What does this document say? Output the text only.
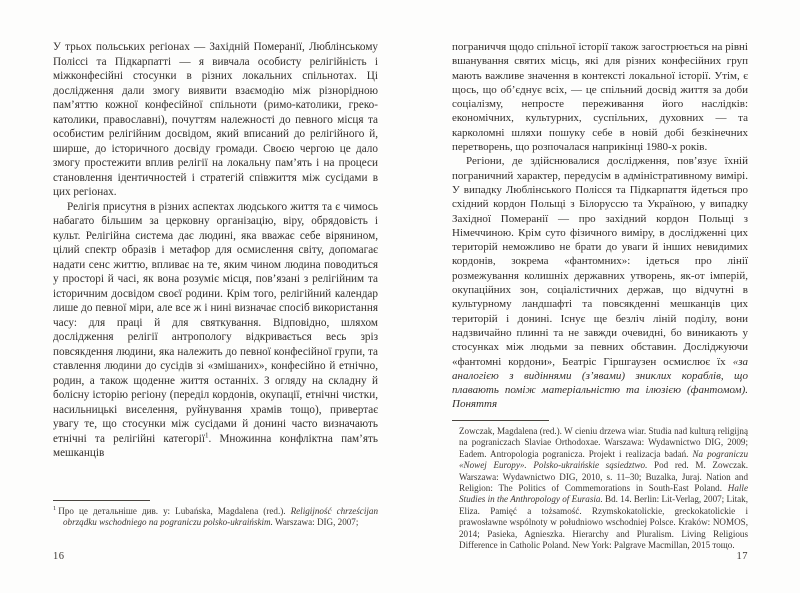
У трьох польських регіонах — Західній Померанії, Люблінському Поліссі та Підкарпатті — я вивчала особисту релігійність і міжконфесійні стосунки в різних локальних спільнотах. Ці дослідження дали змогу виявити взаємодію між різнорідною пам’яттю кожної конфесійної спільноти (римо-католики, греко-католики, православні), почуттям належності до певного місця та особистим релігійним досвідом, який вписаний до релігійного й, ширше, до історичного досвіду громади. Своєю чергою це дало змогу простежити вплив релігії на локальну пам’ять і на процеси становлення ідентичностей і стратегій співжиття між сусідами в цих регіонах.

Релігія присутня в різних аспектах людського життя та є чимось набагато більшим за церковну організацію, віру, обрядовість і культ. Релігійна система дає людині, яка вважає себе вірянином, цілий спектр образів і метафор для осмислення світу, допомагає надати сенс життю, впливає на те, яким чином людина поводиться у просторі й часі, як вона розуміє місця, пов’язані з релігійним та історичним досвідом своєї родини. Крім того, релігійний календар лише до певної міри, але все ж і нині визначає спосіб використання часу: для праці й для святкування. Відповідно, шляхом дослідження релігії антропологу відкривається весь зріз повсякдення людини, яка належить до певної конфесійної групи, та ставлення людини до сусідів зі «змішаних», конфесійно й етнічно, родин, а також щоденне життя останніх. З огляду на складну й болісну історію регіону (переділ кордонів, окупації, етнічні чистки, насильницькі виселення, руйнування храмів тощо), привертає увагу те, що стосунки між сусідами й донині часто визначають етнічні та релігійні категорії$^1$. Множинна конфліктна пам’ять мешканців

$^1$ Про це детальніше див. у: Lubańska, Magdalena (red.). Religijność chrześcijan obrządku wschodniego na pograniczu polsko-ukraińskim. Warszawa: DIG, 2007;
16

пограниччя щодо спільної історії також загострюється на рівні вшанування святих місць, які для різних конфесійних груп мають важливе значення в контексті локальної історії. Утім, є щось, що об’єднує всіх, — це спільний досвід життя за доби соціалізму, непросте переживання його наслідків: економічних, культурних, суспільних, духовних — та карколомні шляхи пошуку себе в новій добі безкінечних перетворень, що розпочалася наприкінці 1980-х років.

Регіони, де здійснювалися дослідження, пов’язує їхній пограничний характер, передусім в адміністративному вимірі. У випадку Люблінського Полісся та Підкарпаття йдеться про східний кордон Польщі з Білоруссю та Україною, у випадку Західної Померанії — про західний кордон Польщі з Німеччиною. Крім суто фізичного виміру, в дослідженні цих територій неможливо не брати до уваги й інших невидимих кордонів, зокрема «фантомних»: ідеться про лінії розмежування колишніх державних утворень, як-от імперій, окупаційних зон, соціалістичних держав, що відчутні в культурному ландшафті та повсякденні мешканців цих територій і донині. Існує ще безліч ліній поділу, вони надзвичайно плинні та не завжди очевидні, бо виникають у стосунках між людьми за певних обставин. Досліджуючи «фантомні кордони», Беатріс Гіршгаузен осмислює їх «за аналогією з видіннями (з’явами) зниклих кораблів, що плавають поміж матеріальністю та ілюзією (фантомом). Поняття

Zowczak, Magdalena (red.). W cieniu drzewa wiar. Studia nad kulturą religijną na pograniczach Slaviae Orthodoxae. Warszawa: Wydawnictwo DIG, 2009; Eadem. Antropologia pogranicza. Projekt i realizacja badań. Na pograniczu «Nowej Europy». Polsko-ukraińskie sąsiedztwo. Pod red. M. Zowczak. Warszawa: Wydawnictwo DIG, 2010, s. 11–30; Buzalka, Juraj. Nation and Religion: The Politics of Commemorations in South-East Poland. Halle Studies in the Anthropology of Eurasia. Bd. 14. Berlin: Lit-Verlag, 2007; Litak, Eliza. Pamięć a tożsamość. Rzymskokatolickie, greckokatolickie i prawosławne wspólnoty w południowo wschodniej Polsce. Kraków: NOMOS, 2014; Pasieka, Agnieszka. Hierarchy and Pluralism. Living Religious Difference in Catholic Poland. New York: Palgrave Macmillan, 2015 тощо.
17
